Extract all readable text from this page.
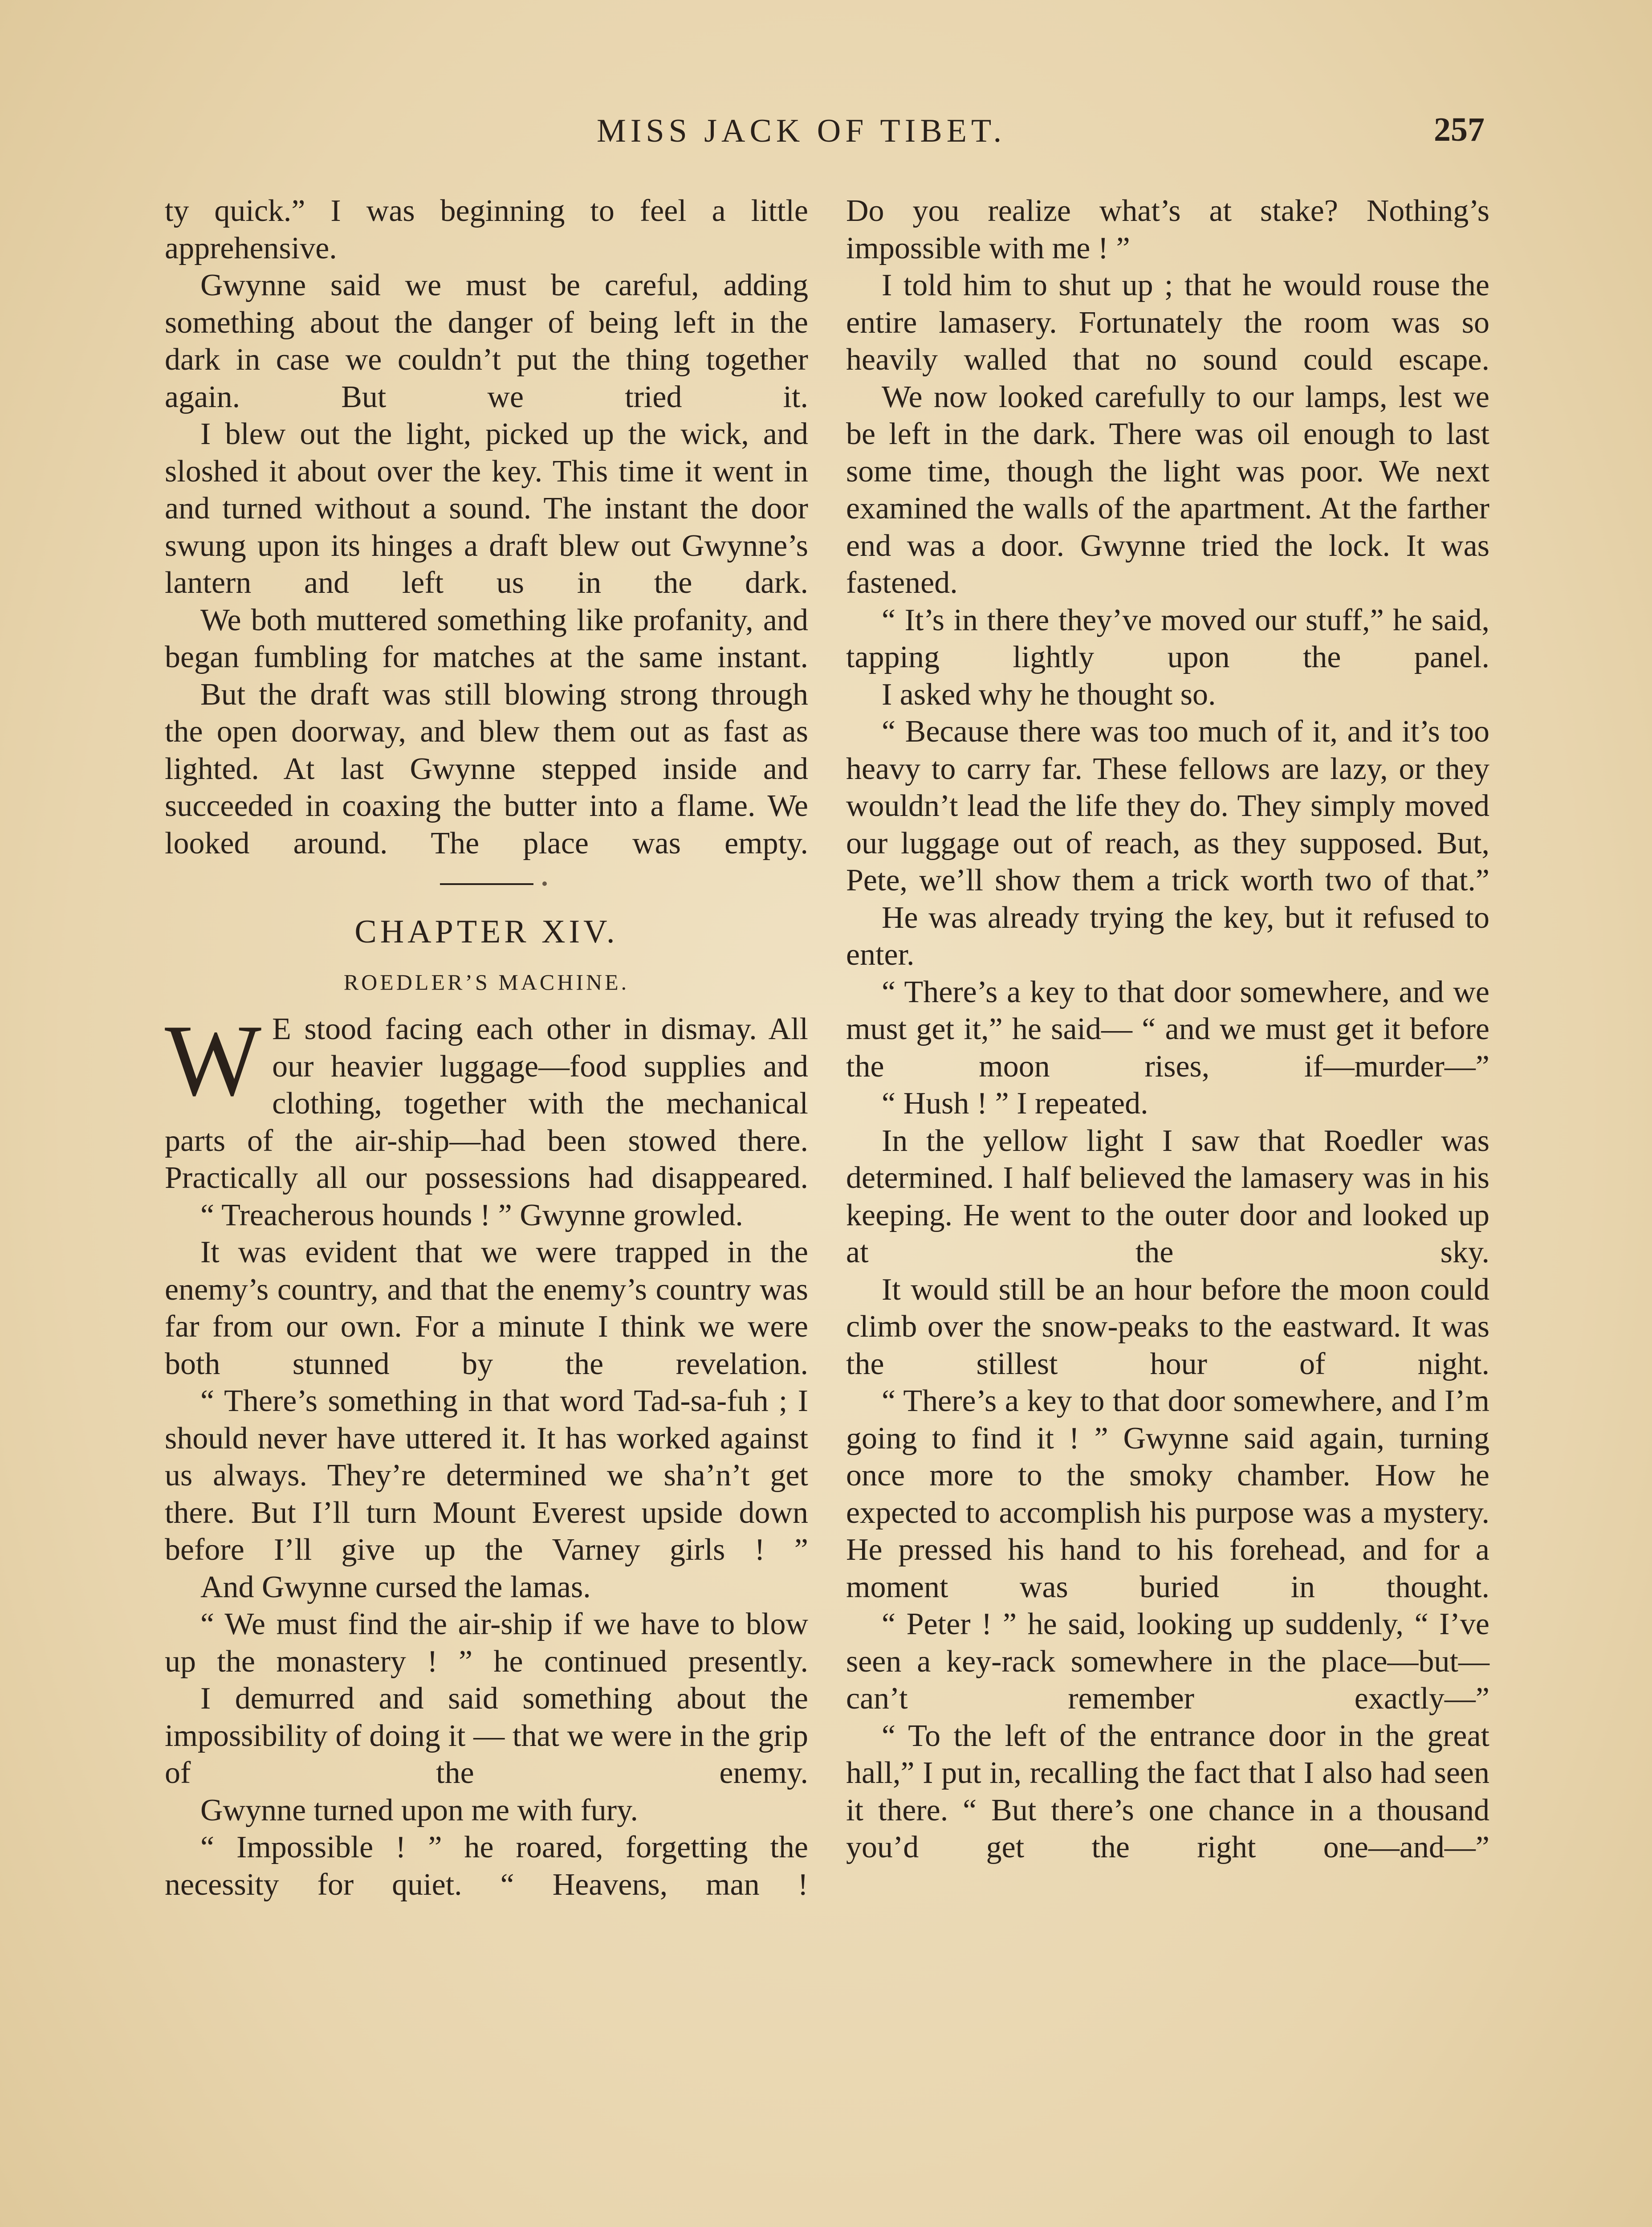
MISS JACK OF TIBET.	257

ty quick.” I was beginning to feel a little apprehensive.

Gwynne said we must be careful, adding something about the danger of being left in the dark in case we couldn’t put the thing together again. But we tried it.

I blew out the light, picked up the wick, and sloshed it about over the key. This time it went in and turned without a sound. The instant the door swung upon its hinges a draft blew out Gwynne’s lantern and left us in the dark.

We both muttered something like profanity, and began fumbling for matches at the same instant.

But the draft was still blowing strong through the open doorway, and blew them out as fast as lighted. At last Gwynne stepped inside and succeeded in coaxing the butter into a flame. We looked around. The place was empty.

CHAPTER XIV.
ROEDLER’S MACHINE.

W E stood facing each other in dismay. All our heavier luggage—food supplies and clothing, together with the mechanical parts of the air-ship—had been stowed there. Practically all our possessions had disappeared.

“ Treacherous hounds ! ” Gwynne growled.

It was evident that we were trapped in the enemy’s country, and that the enemy’s country was far from our own. For a minute I think we were both stunned by the revelation.

“ There’s something in that word Tad-sa-fuh ; I should never have uttered it. It has worked against us always. They’re determined we sha’n’t get there. But I’ll turn Mount Everest upside down before I’ll give up the Varney girls ! ”

And Gwynne cursed the lamas.

“ We must find the air-ship if we have to blow up the monastery ! ” he continued presently.

I demurred and said something about the impossibility of doing it — that we were in the grip of the enemy.

Gwynne turned upon me with fury.

“ Impossible ! ” he roared, forgetting the necessity for quiet. “ Heavens, man !

Do you realize what’s at stake? Nothing’s impossible with me ! ”

I told him to shut up ; that he would rouse the entire lamasery. Fortunately the room was so heavily walled that no sound could escape.

We now looked carefully to our lamps, lest we be left in the dark. There was oil enough to last some time, though the light was poor. We next examined the walls of the apartment. At the farther end was a door. Gwynne tried the lock. It was fastened.

“ It’s in there they’ve moved our stuff,” he said, tapping lightly upon the panel.

I asked why he thought so.

“ Because there was too much of it, and it’s too heavy to carry far. These fellows are lazy, or they wouldn’t lead the life they do. They simply moved our luggage out of reach, as they supposed. But, Pete, we’ll show them a trick worth two of that.”

He was already trying the key, but it refused to enter.

“ There’s a key to that door somewhere, and we must get it,” he said— “ and we must get it before the moon rises, if—murder—”

“ Hush ! ” I repeated.

In the yellow light I saw that Roedler was determined. I half believed the lamasery was in his keeping. He went to the outer door and looked up at the sky.

It would still be an hour before the moon could climb over the snow-peaks to the eastward. It was the stillest hour of night.

“ There’s a key to that door somewhere, and I’m going to find it ! ” Gwynne said again, turning once more to the smoky chamber. How he expected to accomplish his purpose was a mystery. He pressed his hand to his forehead, and for a moment was buried in thought.

“ Peter ! ” he said, looking up suddenly, “ I’ve seen a key-rack somewhere in the place—but—can’t remember exactly—”

“ To the left of the entrance door in the great hall,” I put in, recalling the fact that I also had seen it there. “ But there’s one chance in a thousand you’d get the right one—and—”
